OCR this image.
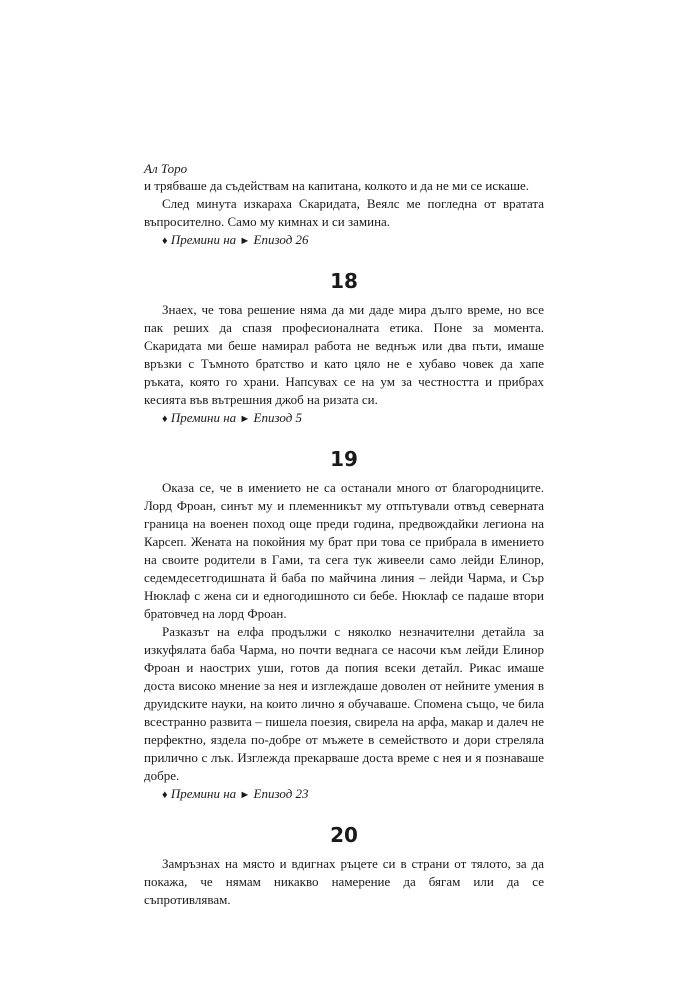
Ал Торо

и трябваше да съдействам на капитана, колкото и да не ми се искаше.

След минута изкараха Скаридата, Веялс ме погледна от вратата въпросително. Само му кимнах и си замина.

♦ Премини на ► Епизод 26
18

Знаех, че това решение няма да ми даде мира дълго време, но все пак реших да спазя професионалната етика. Поне за момента. Скаридата ми беше намирал работа не веднъж или два пъти, имаше връзки с Тъмното братство и като цяло не е хубаво човек да хапе ръката, която го храни. Напсувах се на ум за честността и прибрах кесията във вътрешния джоб на ризата си.

♦ Премини на ► Епизод 5
19

Оказа се, че в имението не са останали много от благородниците. Лорд Фроан, синът му и племенникът му отпътували отвъд северната граница на военен поход още преди година, предвождайки легиона на Карсеп. Жената на покойния му брат при това се прибрала в имението на своите родители в Гами, та сега тук живеели само лейди Елинор, седемдесетгодишната й баба по майчина линия – лейди Чарма, и Сър Нюклаф с жена си и едногодишното си бебе. Нюклаф се падаше втори братовчед на лорд Фроан.

Разказът на елфа продължи с няколко незначителни детайла за изкуфялата баба Чарма, но почти веднага се насочи към лейди Елинор Фроан и наострих уши, готов да попия всеки детайл. Рикас имаше доста високо мнение за нея и изглеждаше доволен от нейните умения в друидските науки, на които лично я обучаваше. Спомена също, че била всестранно развита – пишела поезия, свирела на арфа, макар и далеч не перфектно, яздела по-добре от мъжете в семейството и дори стреляла прилично с лък. Изглежда прекарваше доста време с нея и я познаваше добре.

♦ Премини на ► Епизод 23
20

Замръзнах на място и вдигнах ръцете си в страни от тялото, за да покажа, че нямам никакво намерение да бягам или да се съпротивлявам.
